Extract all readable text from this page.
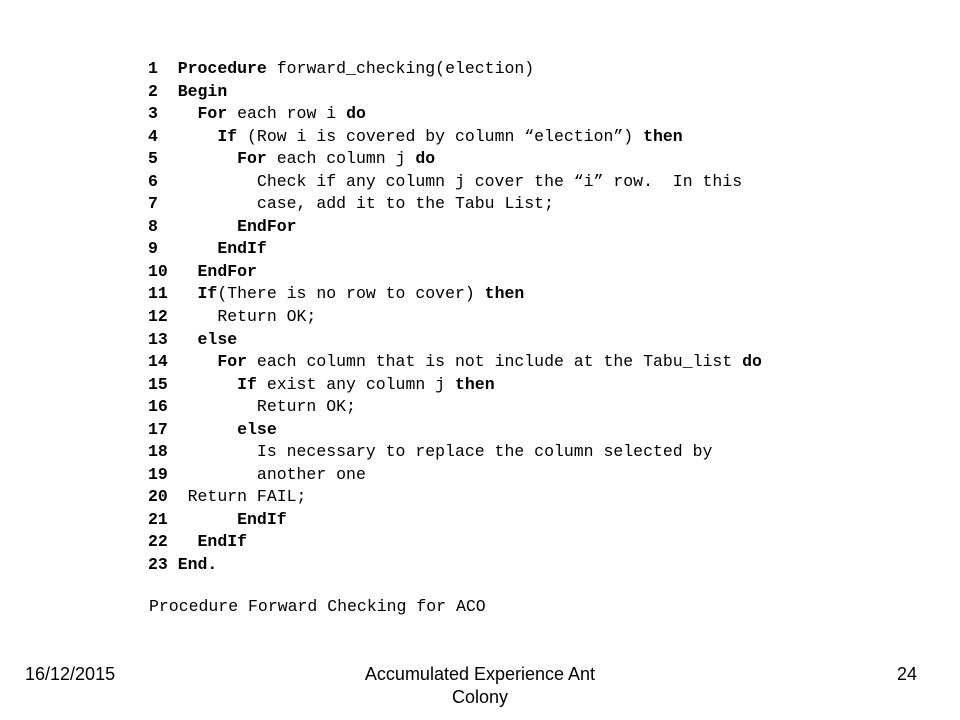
1  Procedure forward_checking(election)
2  Begin
3    For each row i do
4      If (Row i is covered by column “election”) then
5        For each column j do
6          Check if any column j cover the “i” row.  In this
7          case, add it to the Tabu List;
8        EndFor
9      EndIf
10   EndFor
11   If(There is no row to cover) then
12     Return OK;
13   else
14     For each column that is not include at the Tabu_list do
15       If exist any column j then
16         Return OK;
17       else
18         Is necessary to replace the column selected by
19         another one
20  Return FAIL;
21       EndIf
22   EndIf
23 End.
Procedure Forward Checking for ACO
16/12/2015	Accumulated Experience Ant
Colony
24
